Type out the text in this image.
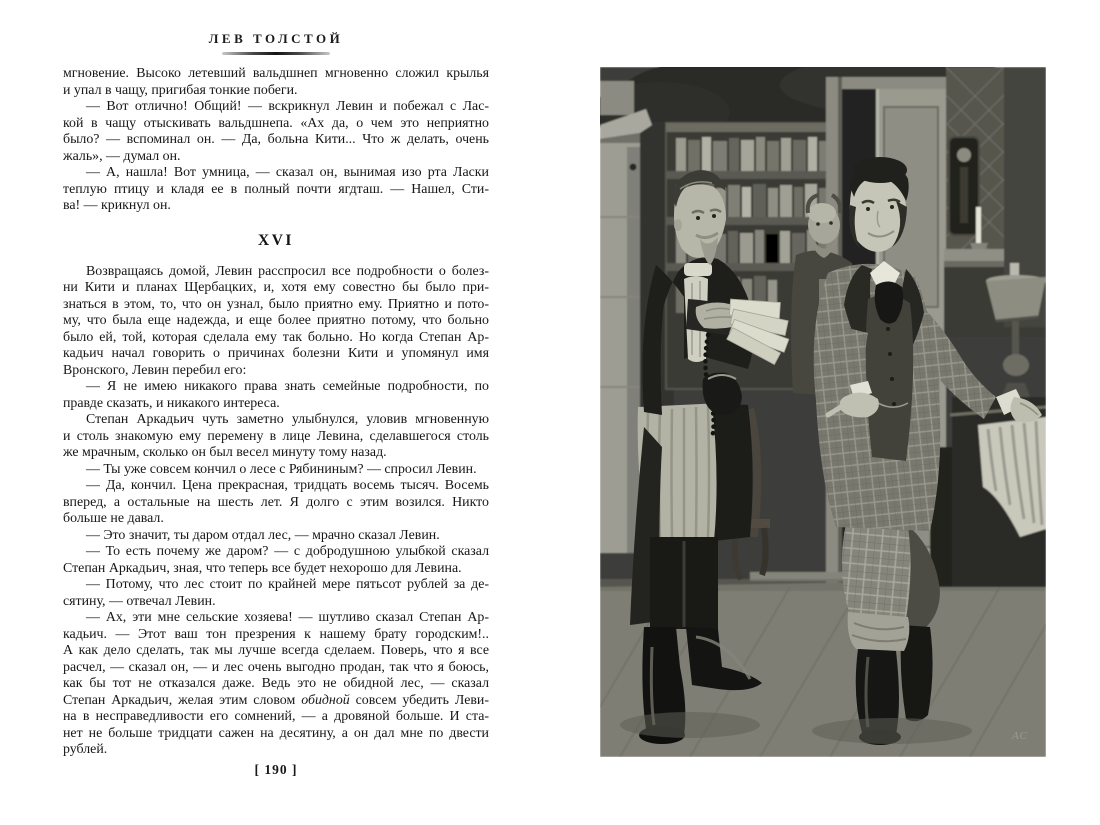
ЛЕВ ТОЛСТОЙ
мгновение. Высоко летевший вальдшнеп мгновенно сложил крылья
и упал в чащу, пригибая тонкие побеги.
— Вот отлично! Общий! — вскрикнул Левин и побежал с Лас-
кой в чащу отыскивать вальдшнепа. «Ах да, о чем это неприятно
было? — вспоминал он. — Да, больна Кити... Что ж делать, очень
жаль», — думал он.
— А, нашла! Вот умница, — сказал он, вынимая изо рта Ласки
теплую птицу и кладя ее в полный почти ягдташ. — Нашел, Сти-
ва! — крикнул он.
XVI
Возвращаясь домой, Левин расспросил все подробности о болез-
ни Кити и планах Щербацких, и, хотя ему совестно бы было при-
знаться в этом, то, что он узнал, было приятно ему. Приятно и пото-
му, что была еще надежда, и еще более приятно потому, что больно
было ей, той, которая сделала ему так больно. Но когда Степан Ар-
кадьич начал говорить о причинах болезни Кити и упомянул имя
Вронского, Левин перебил его:
— Я не имею никакого права знать семейные подробности, по
правде сказать, и никакого интереса.
Степан Аркадьич чуть заметно улыбнулся, уловив мгновенную
и столь знакомую ему перемену в лице Левина, сделавшегося столь
же мрачным, сколько он был весел минуту тому назад.
— Ты уже совсем кончил о лесе с Рябининым? — спросил Левин.
— Да, кончил. Цена прекрасная, тридцать восемь тысяч. Восемь
вперед, а остальные на шесть лет. Я долго с этим возился. Никто
больше не давал.
— Это значит, ты даром отдал лес, — мрачно сказал Левин.
— То есть почему же даром? — с добродушною улыбкой сказал
Степан Аркадьич, зная, что теперь все будет нехорошо для Левина.
— Потому, что лес стоит по крайней мере пятьсот рублей за де-
сятину, — отвечал Левин.
— Ах, эти мне сельские хозяева! — шутливо сказал Степан Ар-
кадьич. — Этот ваш тон презрения к нашему брату городским!..
А как дело сделать, так мы лучше всегда сделаем. Поверь, что я все
расчел, — сказал он, — и лес очень выгодно продан, так что я боюсь,
как бы тот не отказался даже. Ведь это не обидной лес, — сказал
Степан Аркадьич, желая этим словом обидной совсем убедить Леви-
на в несправедливости его сомнений, — а дровяной больше. И ста-
нет не больше тридцати сажен на десятину, а он дал мне по двести
рублей.
[ 190 ]
АС
